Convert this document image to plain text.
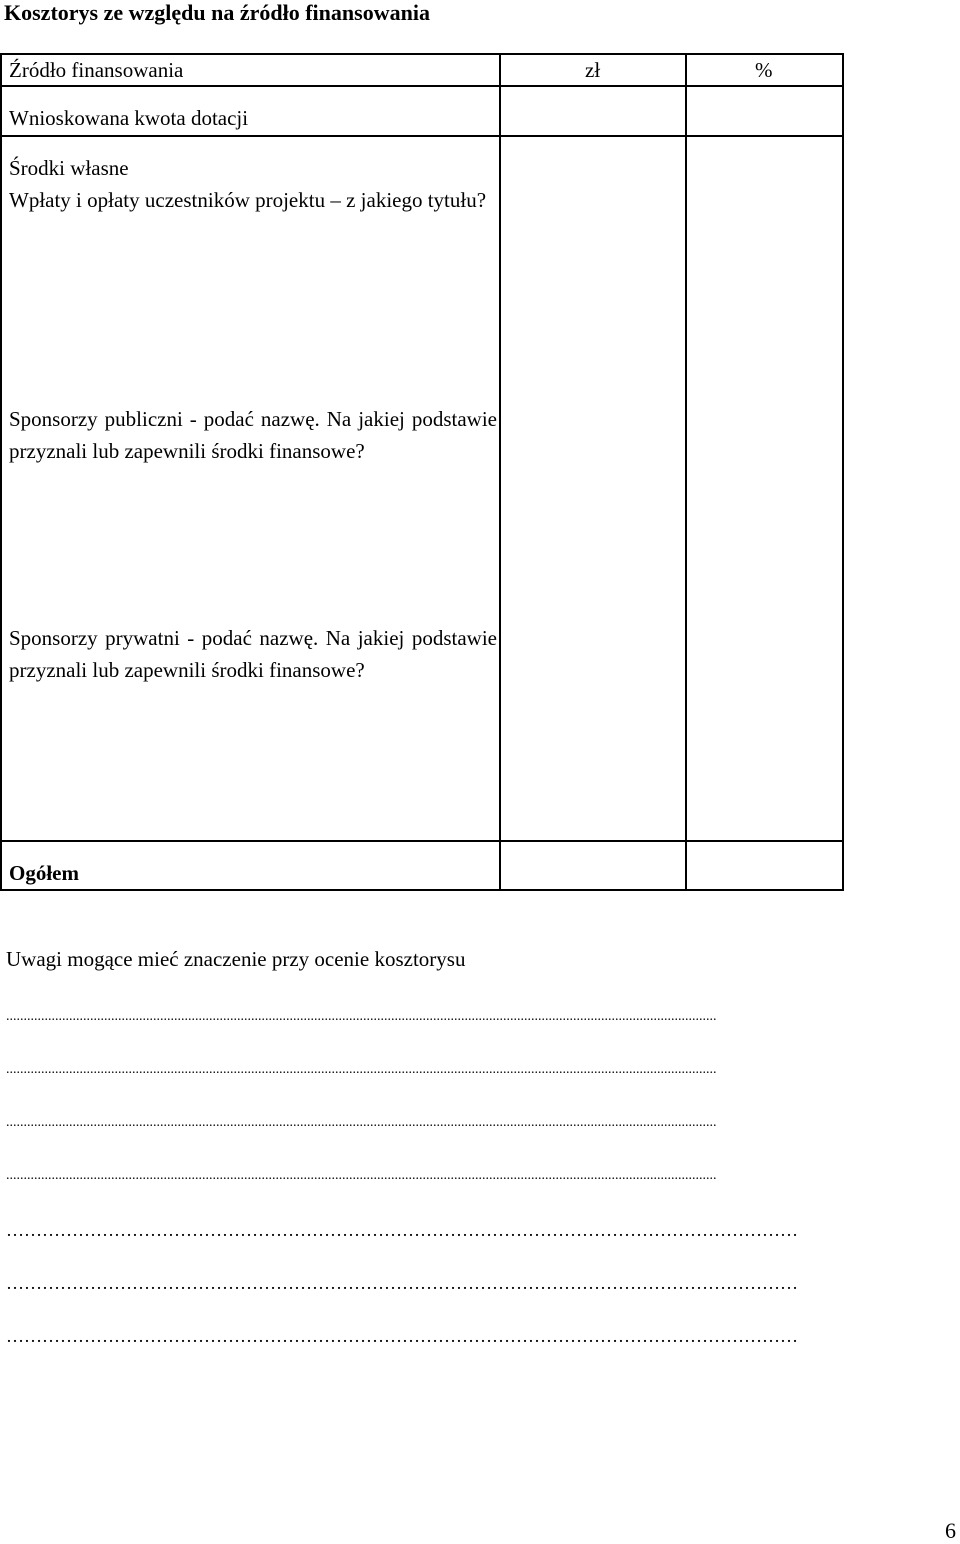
Kosztorys ze względu na źródło finansowania
Źródło finansowania	zł	%
Wnioskowana kwota dotacji
Środki własne
Wpłaty i opłaty uczestników projektu – z jakiego tytułu?
Sponsorzy publiczni - podać nazwę. Na jakiej podstawie przyznali lub zapewnili środki finansowe?
Sponsorzy prywatni - podać nazwę. Na jakiej podstawie przyznali lub zapewnili środki finansowe?
Ogółem
Uwagi mogące mieć znaczenie przy ocenie kosztorysu
...........................................................................................................................................................................................................
...........................................................................................................................................................................................................
...........................................................................................................................................................................................................
...........................................................................................................................................................................................................
……………………………………………………………………………………………………………………
……………………………………………………………………………………………………………………
……………………………………………………………………………………………………………………
6
